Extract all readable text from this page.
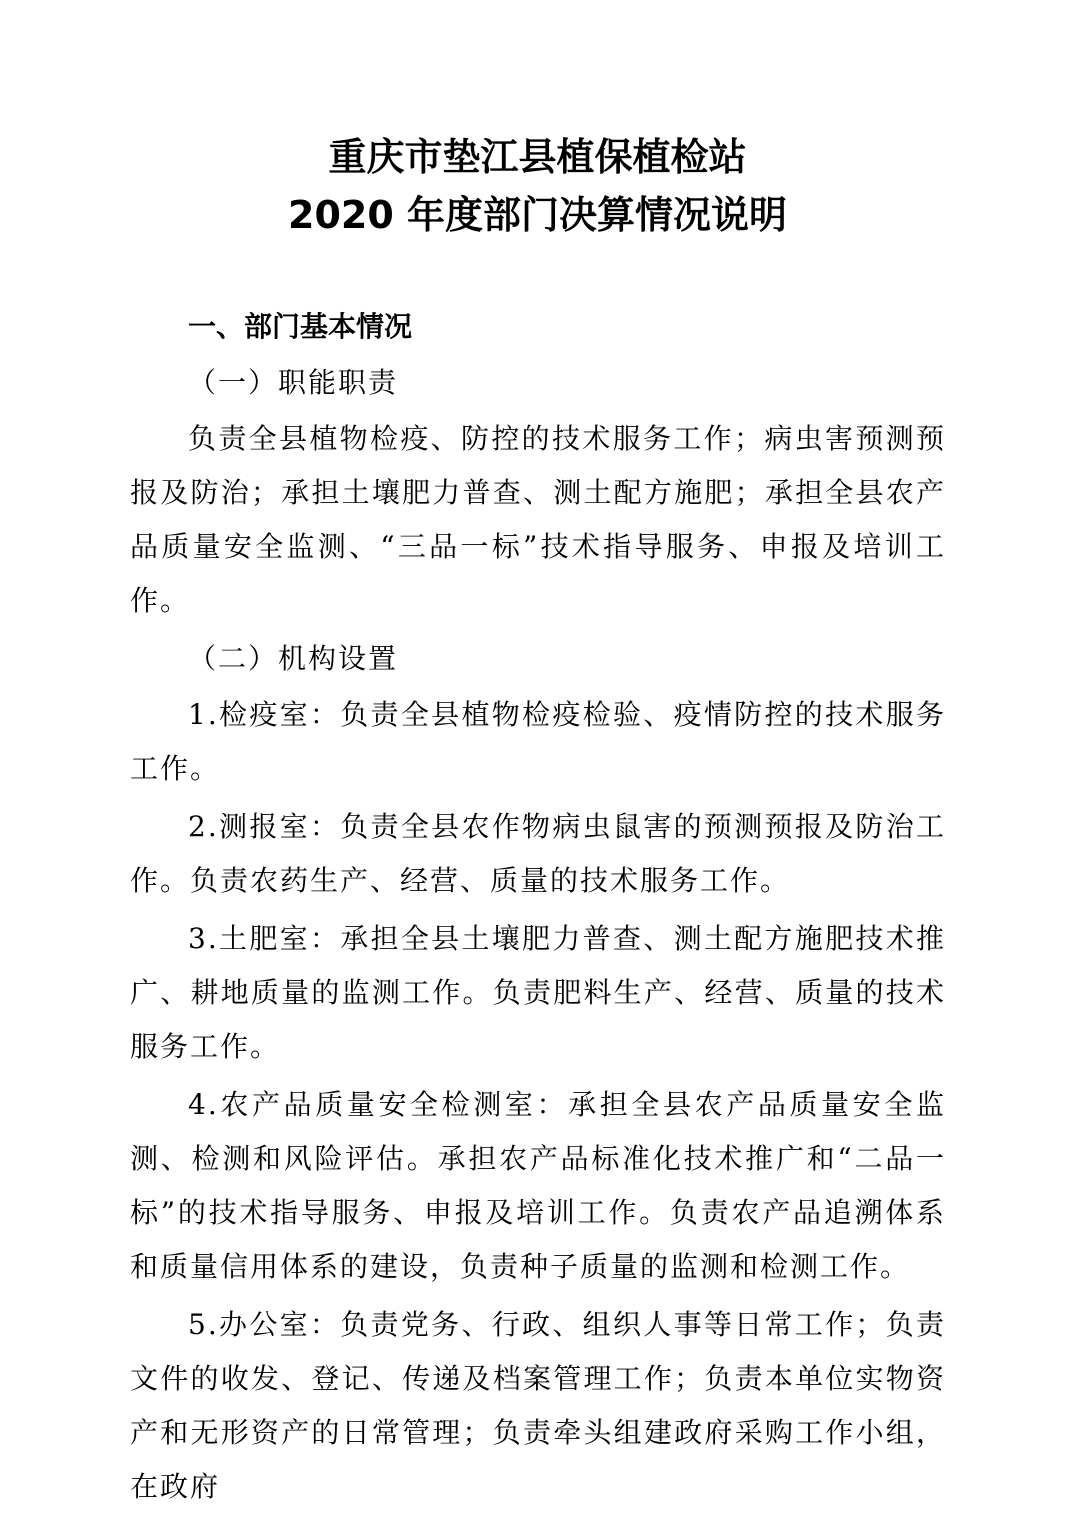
重庆市垫江县植保植检站
2020 年度部门决算情况说明
一、部门基本情况
（一）职能职责

负责全县植物检疫、防控的技术服务工作；病虫害预测预报及防治；承担土壤肥力普查、测土配方施肥；承担全县农产品质量安全监测、“三品一标”技术指导服务、申报及培训工作。

（二）机构设置

1.检疫室：负责全县植物检疫检验、疫情防控的技术服务工作。

2.测报室：负责全县农作物病虫鼠害的预测预报及防治工作。负责农药生产、经营、质量的技术服务工作。

3.土肥室：承担全县土壤肥力普查、测土配方施肥技术推广、耕地质量的监测工作。负责肥料生产、经营、质量的技术服务工作。

4.农产品质量安全检测室：承担全县农产品质量安全监测、检测和风险评估。承担农产品标准化技术推广和“二品一标”的技术指导服务、申报及培训工作。负责农产品追溯体系和质量信用体系的建设，负责种子质量的监测和检测工作。

5.办公室：负责党务、行政、组织人事等日常工作；负责文件的收发、登记、传递及档案管理工作；负责本单位实物资产和无形资产的日常管理；负责牵头组建政府采购工作小组，在政府
